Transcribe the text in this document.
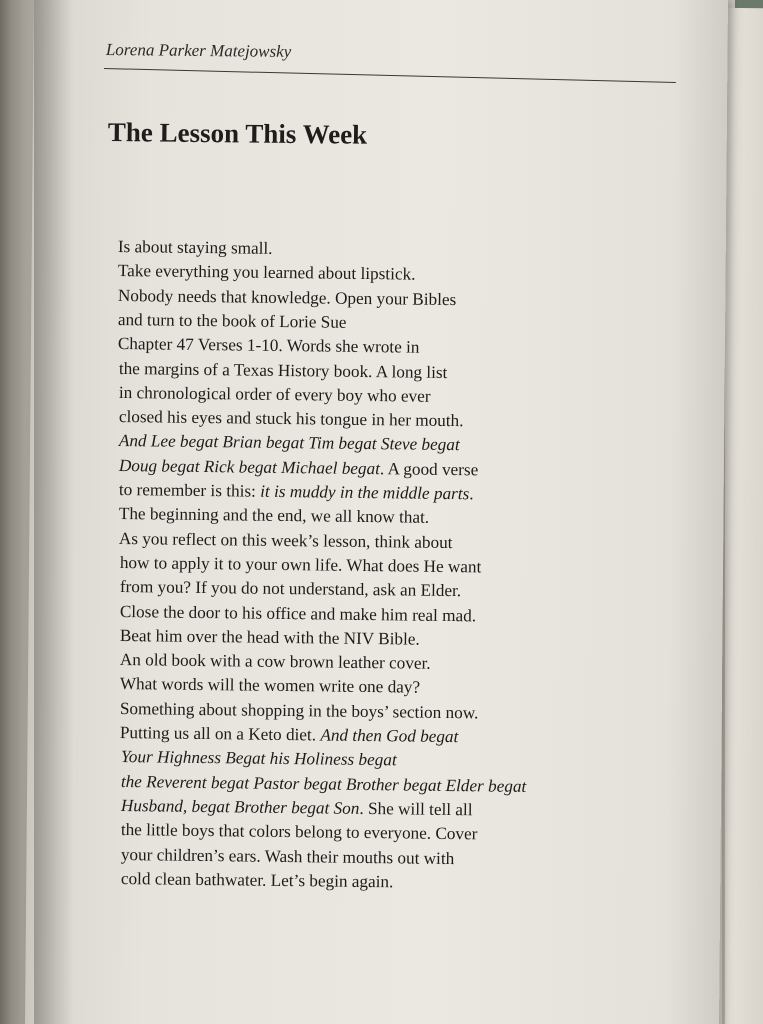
Lorena Parker Matejowsky

The Lesson This Week

Is about staying small.

Take everything you learned about lipstick.

Nobody needs that knowledge. Open your Bibles

and turn to the book of Lorie Sue

Chapter 47 Verses 1-10. Words she wrote in

the margins of a Texas History book. A long list

in chronological order of every boy who ever

closed his eyes and stuck his tongue in her mouth.

And Lee begat Brian begat Tim begat Steve begat

Doug begat Rick begat Michael begat. A good verse

to remember is this: it is muddy in the middle parts.

The beginning and the end, we all know that.

As you reflect on this week’s lesson, think about

how to apply it to your own life. What does He want

from you? If you do not understand, ask an Elder.

Close the door to his office and make him real mad.

Beat him over the head with the NIV Bible.

An old book with a cow brown leather cover.

What words will the women write one day?

Something about shopping in the boys’ section now.

Putting us all on a Keto diet. And then God begat

Your Highness Begat his Holiness begat

the Reverent begat Pastor begat Brother begat Elder begat

Husband, begat Brother begat Son. She will tell all

the little boys that colors belong to everyone. Cover

your children’s ears. Wash their mouths out with

cold clean bathwater. Let’s begin again.
